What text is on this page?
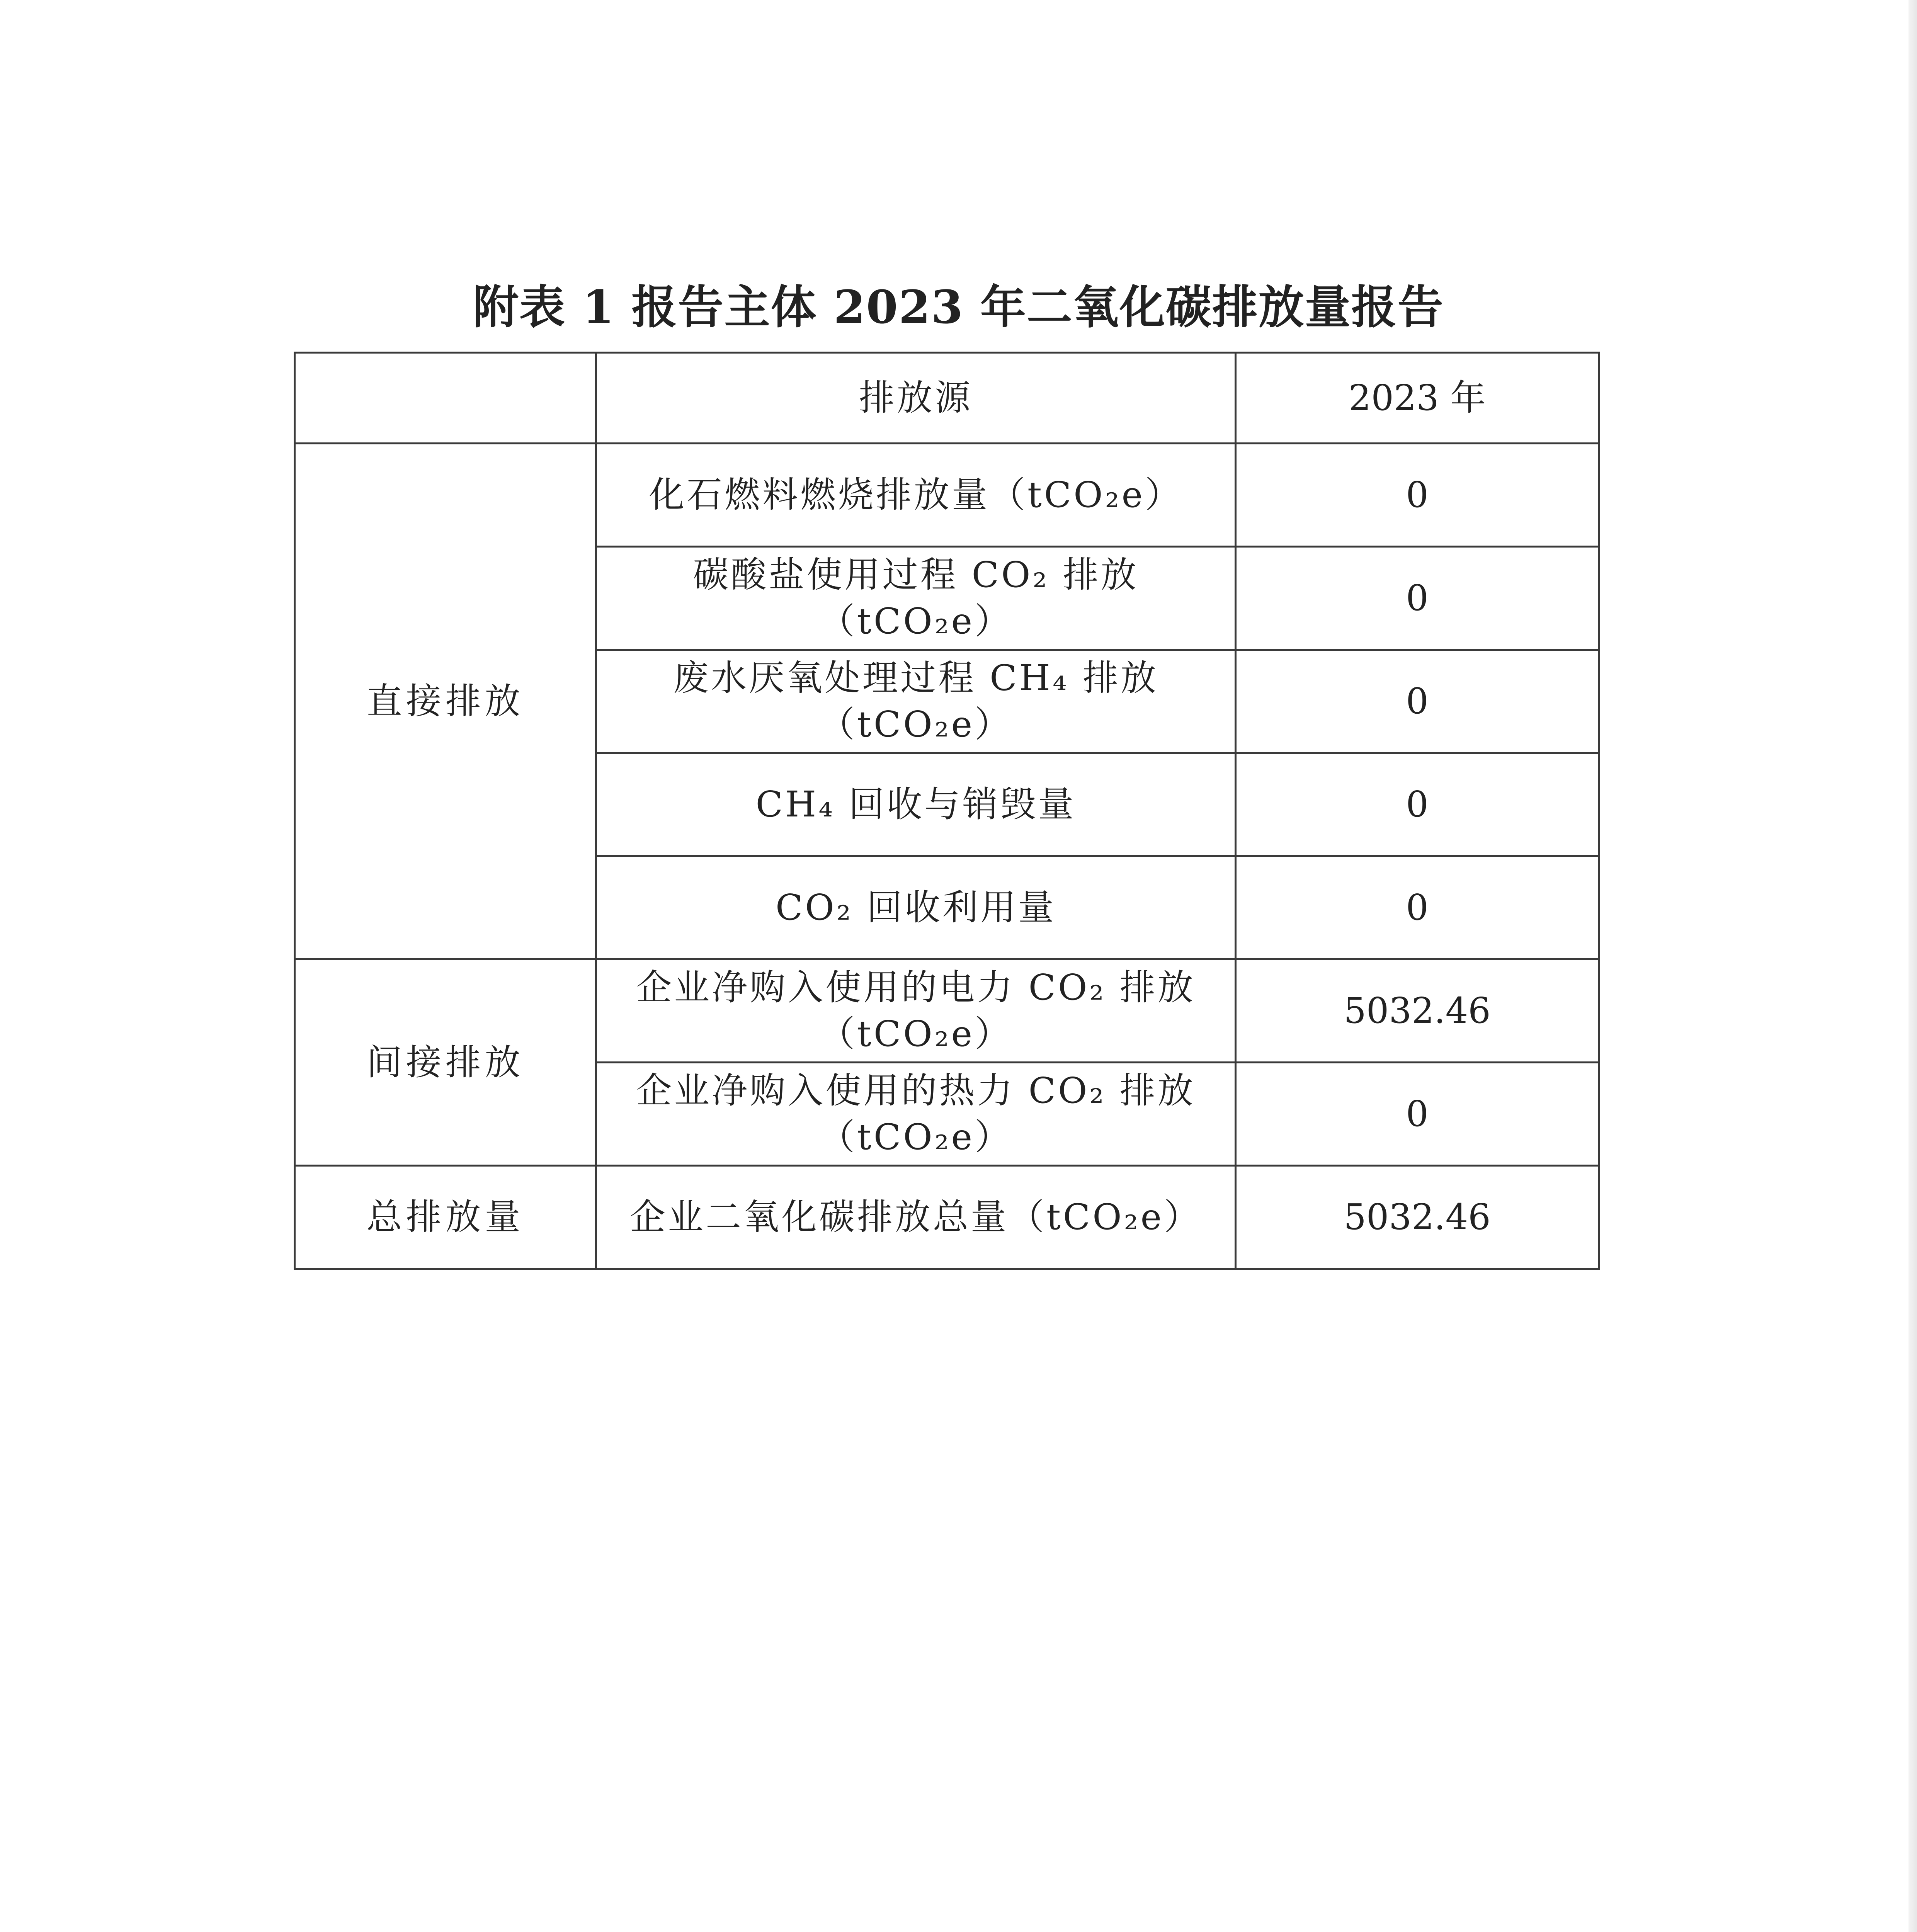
附表 1 报告主体 2023 年二氧化碳排放量报告
	排放源	2023 年
直接排放	化石燃料燃烧排放量（tCO₂e）	0
	碳酸盐使用过程 CO₂ 排放（tCO₂e）	0
	废水厌氧处理过程 CH₄ 排放（tCO₂e）	0
	CH₄ 回收与销毁量	0
	CO₂ 回收利用量	0
间接排放	企业净购入使用的电力 CO₂ 排放（tCO₂e）	5032.46
	企业净购入使用的热力 CO₂ 排放（tCO₂e）	0
总排放量	企业二氧化碳排放总量（tCO₂e）	5032.46
